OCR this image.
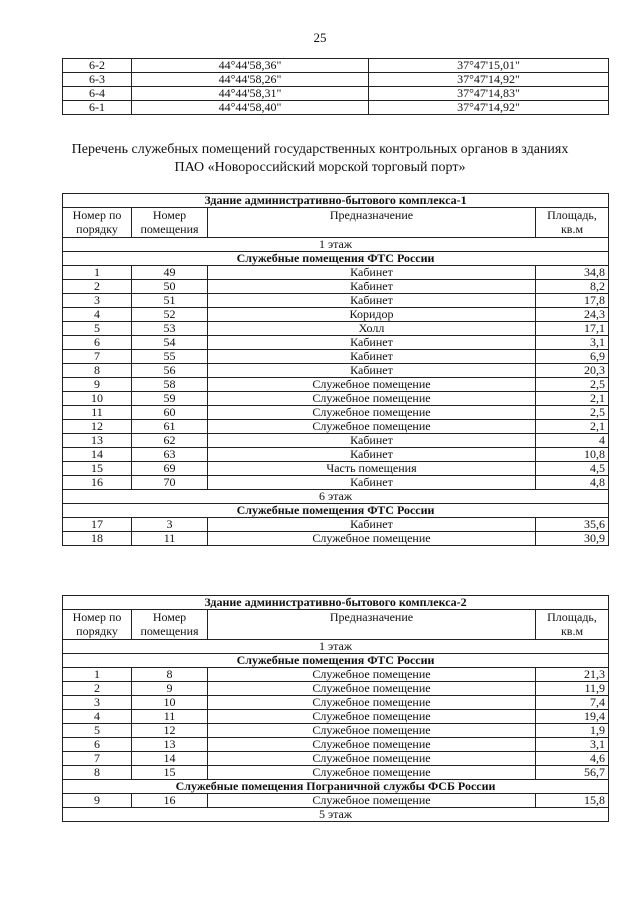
25
6-2	44°44'58,36"	37°47'15,01"
6-3	44°44'58,26"	37°47'14,92"
6-4	44°44'58,31"	37°47'14,83"
6-1	44°44'58,40"	37°47'14,92"
Перечень служебных помещений государственных контрольных органов в зданиях
ПАО «Новороссийский морской торговый порт»
Здание административно-бытового комплекса-1			
Номер по порядку	Номер помещения	Предназначение	Площадь, кв.м
1 этаж			
Служебные помещения ФТС России			
1	49	Кабинет	34,8
2	50	Кабинет	8,2
3	51	Кабинет	17,8
4	52	Коридор	24,3
5	53	Холл	17,1
6	54	Кабинет	3,1
7	55	Кабинет	6,9
8	56	Кабинет	20,3
9	58	Служебное помещение	2,5
10	59	Служебное помещение	2,1
11	60	Служебное помещение	2,5
12	61	Служебное помещение	2,1
13	62	Кабинет	4
14	63	Кабинет	10,8
15	69	Часть помещения	4,5
16	70	Кабинет	4,8
6 этаж			
Служебные помещения ФТС России			
17	3	Кабинет	35,6
18	11	Служебное помещение	30,9
Здание административно-бытового комплекса-2			
Номер по порядку	Номер помещения	Предназначение	Площадь, кв.м
1 этаж			
Служебные помещения ФТС России			
1	8	Служебное помещение	21,3
2	9	Служебное помещение	11,9
3	10	Служебное помещение	7,4
4	11	Служебное помещение	19,4
5	12	Служебное помещение	1,9
6	13	Служебное помещение	3,1
7	14	Служебное помещение	4,6
8	15	Служебное помещение	56,7
Служебные помещения Пограничной службы ФСБ России			
9	16	Служебное помещение	15,8
5 этаж			
